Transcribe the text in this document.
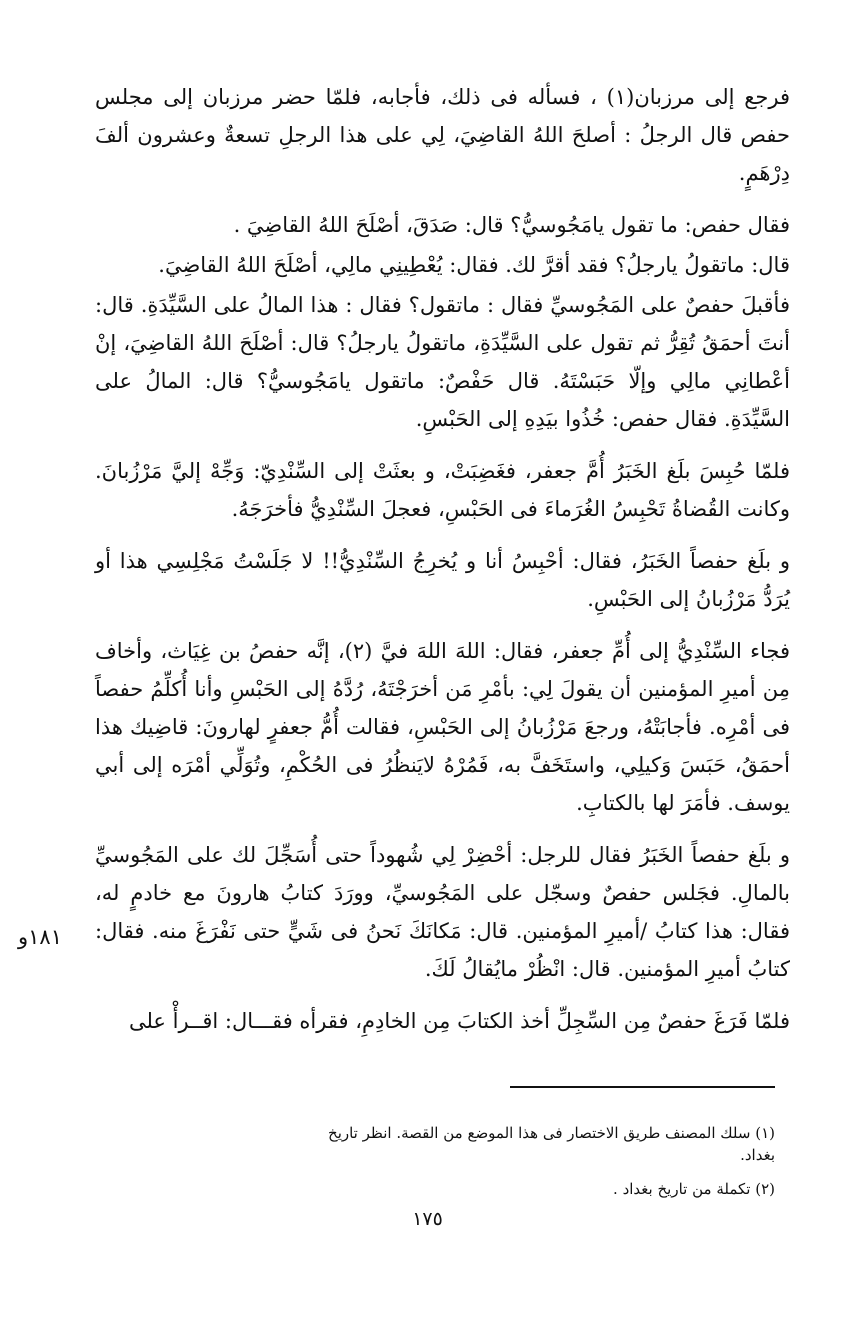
فرجع إلى مرزبان(١) ، فسأله فى ذلك، فأجابه، فلمّا حضر مرزبان إلى مجلس حفص قال الرجلُ : أصلحَ اللهُ القاضِيَ، لِي على هذا الرجلِ تسعةٌ وعشرون ألفَ دِرْهَمٍ.

فقال حفص: ما تقول يامَجُوسيُّ؟ قال: صَدَقَ، أصْلَحَ اللهُ القاضِيَ .

قال: ماتقولُ يارجلُ؟ فقد أقرَّ لك. فقال: يُعْطِينِي مالِي، أصْلَحَ اللهُ القاضِيَ.

فأقبلَ حفصٌ على المَجُوسيِّ فقال : ماتقول؟ فقال : هذا المالُ على السَّيِّدَةِ. قال: أنتَ أحمَقُ تُقِرُّ ثم تقول على السَّيِّدَةِ، ماتقولُ يارجلُ؟ قال: أصْلَحَ اللهُ القاضِيَ، إنْ أعْطانِي مالِي وإلّا حَبَسْتَهُ. قال حَفْصٌ: ماتقول يامَجُوسيُّ؟ قال: المالُ على السَّيِّدَةِ. فقال حفص: خُذُوا بيَدِهِ إلى الحَبْسِ.

فلمّا حُبِسَ بلَغ الخَبَرُ أُمَّ جعفر، فغَضِبَتْ، و بعثَتْ إلى السِّنْدِيّ: وَجِّهْ إليَّ مَرْزُبانَ. وكانت القُضاةُ تَحْبِسُ الغُرَماءَ فى الحَبْسِ، فعجلَ السِّنْدِيُّ فأخرَجَهُ.

و بلَغ حفصاً الخَبَرُ، فقال: أحْبِسُ أنا و يُخرِجُ السِّنْدِيُّ!! لا جَلَسْتُ مَجْلِسِي هذا أو يُرَدُّ مَرْزُبانُ إلى الحَبْسِ.

فجاء السِّنْدِيُّ إلى أُمِّ جعفر، فقال: اللهَ اللهَ فيَّ (٢)، إنَّه حفصُ بن غِيَاث، وأخاف مِن أميرِ المؤمنين أن يقولَ لِي: بأمْرِ مَن أخرَجْتَهُ، رُدَّهُ إلى الحَبْسِ وأنا أُكلِّمُ حفصاً فى أمْرِه. فأجابَتْهُ، ورجعَ مَرْزُبانُ إلى الحَبْسِ، فقالت أُمُّ جعفرٍ لهارونَ: قاضِيك هذا أحمَقُ، حَبَسَ وَكيلِي، واستَخَفَّ به، فَمُرْهُ لايَنظُرُ فى الحُكْمِ، وتُوَلِّي أمْرَه إلى أبي يوسف. فأمَرَ لها بالكتابِ.

و بلَغ حفصاً الخَبَرُ فقال للرجل: أحْضِرْ لِي شُهوداً حتى أُسَجِّلَ لك على المَجُوسيِّ بالمالِ. فجَلس حفصٌ وسجّل على المَجُوسيِّ، وورَدَ كتابُ هارونَ مع خادمٍ له، فقال: هذا كتابُ /أميرِ المؤمنين. قال: مَكانَكَ نَحنُ فى شَيٍّ حتى نَفْرَغَ منه. فقال: كتابُ أميرِ المؤمنين. قال: انْظُرْ مايُقالُ لَكَ.

فلمّا فَرَغَ حفصٌ مِن السِّجِلِّ أخذ الكتابَ مِن الخادِمِ، فقرأه فقـــال: اقــرأْ على

١٨١و

(١) سلك المصنف طريق الاختصار فى هذا الموضع من القصة. انظر تاريخ بغداد.

(٢) تكملة من تاريخ بغداد .

١٧٥
